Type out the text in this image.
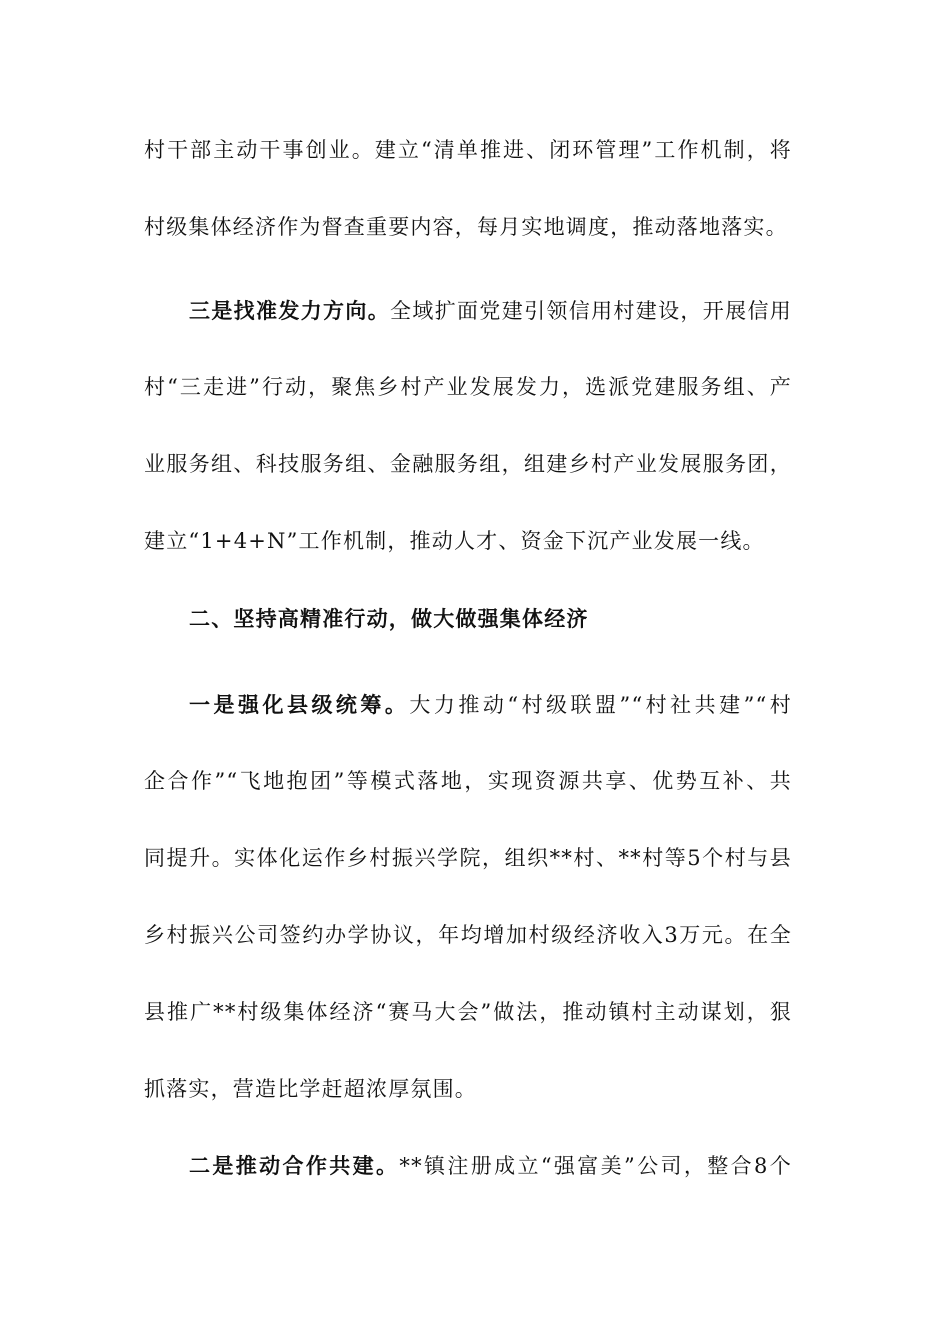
村干部主动干事创业。建立“清单推进、闭环管理”工作机制，将
村级集体经济作为督查重要内容，每月实地调度，推动落地落实。
三是找准发力方向。全域扩面党建引领信用村建设，开展信用
村“三走进”行动，聚焦乡村产业发展发力，选派党建服务组、产
业服务组、科技服务组、金融服务组，组建乡村产业发展服务团，
建立“1+4+N”工作机制，推动人才、资金下沉产业发展一线。
二、坚持高精准行动，做大做强集体经济
一是强化县级统筹。大力推动“村级联盟”“村社共建”“村
企合作”“飞地抱团”等模式落地，实现资源共享、优势互补、共
同提升。实体化运作乡村振兴学院，组织**村、**村等5个村与县
乡村振兴公司签约办学协议，年均增加村级经济收入3万元。在全
县推广**村级集体经济“赛马大会”做法，推动镇村主动谋划，狠
抓落实，营造比学赶超浓厚氛围。
二是推动合作共建。**镇注册成立“强富美”公司，整合8个
